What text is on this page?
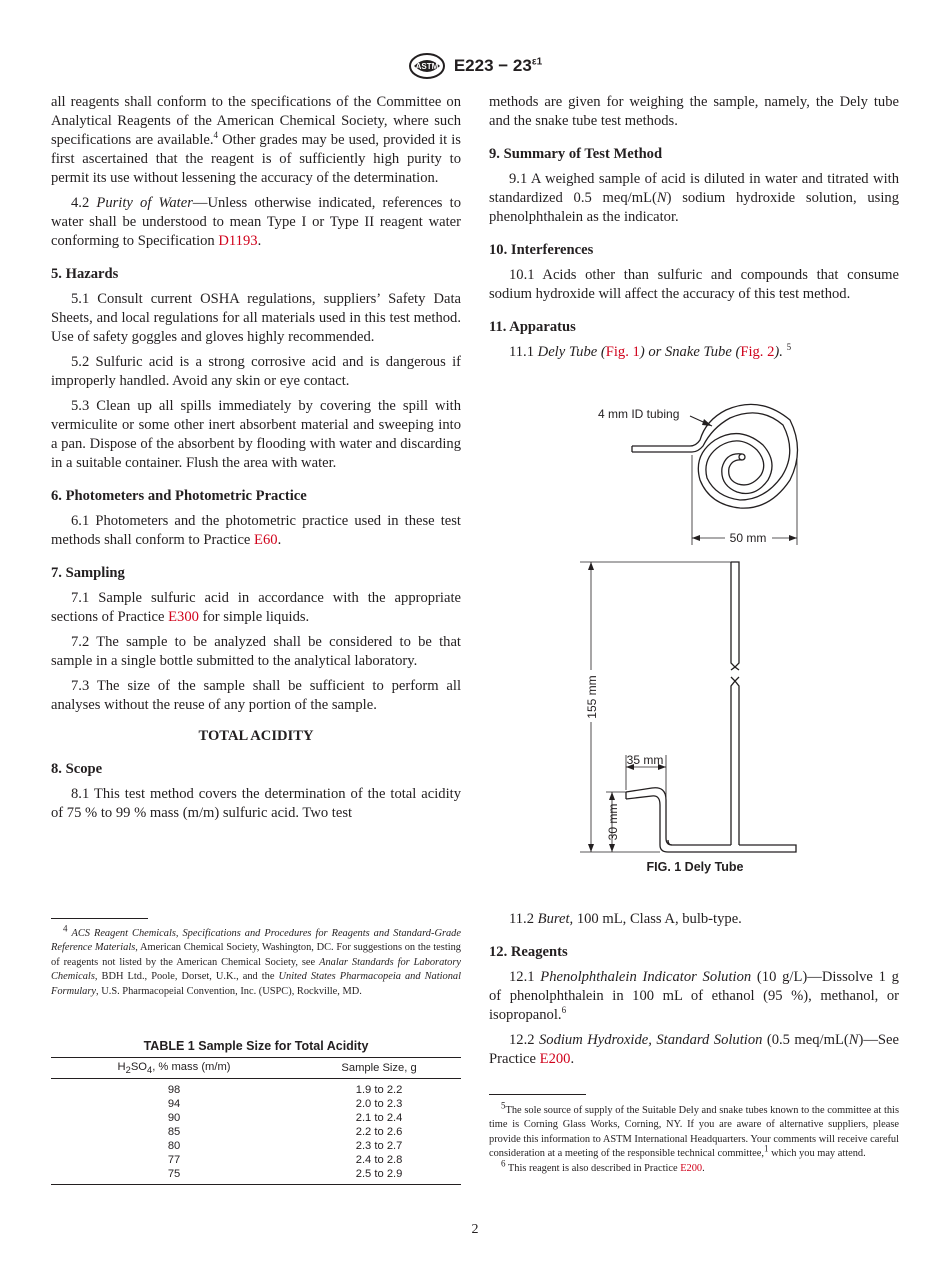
ASTM $E223 - 23^{\varepsilon 1}$

all reagents shall conform to the specifications of the Committee on Analytical Reagents of the American Chemical Society, where such specifications are available.$^4$ Other grades may be used, provided it is first ascertained that the reagent is of sufficiently high purity to permit its use without lessening the accuracy of the determination.

4.2 Purity of Water—Unless otherwise indicated, references to water shall be understood to mean Type I or Type II reagent water conforming to Specification D1193.

5. Hazards

5.1 Consult current OSHA regulations, suppliers’ Safety Data Sheets, and local regulations for all materials used in this test method. Use of safety goggles and gloves highly recommended.

5.2 Sulfuric acid is a strong corrosive acid and is dangerous if improperly handled. Avoid any skin or eye contact.

5.3 Clean up all spills immediately by covering the spill with vermiculite or some other inert absorbent material and sweeping into a pan. Dispose of the absorbent by flooding with water and discarding in a suitable container. Flush the area with water.

6. Photometers and Photometric Practice

6.1 Photometers and the photometric practice used in these test methods shall conform to Practice E60.

7. Sampling

7.1 Sample sulfuric acid in accordance with the appropriate sections of Practice E300 for simple liquids.

7.2 The sample to be analyzed shall be considered to be that sample in a single bottle submitted to the analytical laboratory.

7.3 The size of the sample shall be sufficient to perform all analyses without the reuse of any portion of the sample.

TOTAL ACIDITY
8. Scope

8.1 This test method covers the determination of the total acidity of 75 % to 99 % mass (m/m) sulfuric acid. Two test

$^4$ ACS Reagent Chemicals, Specifications and Procedures for Reagents and Standard-Grade Reference Materials, American Chemical Society, Washington, DC. For suggestions on the testing of reagents not listed by the American Chemical Society, see Analar Standards for Laboratory Chemicals, BDH Ltd., Poole, Dorset, U.K., and the United States Pharmacopeia and National Formulary, U.S. Pharmacopeial Convention, Inc. (USPC), Rockville, MD.

TABLE 1 Sample Size for Total Acidity
$H_2SO_4$, % mass (m/m)	Sample Size, g
98	1.9 to 2.2
94	2.0 to 2.3
90	2.1 to 2.4
85	2.2 to 2.6
80	2.3 to 2.7
77	2.4 to 2.8
75	2.5 to 2.9

methods are given for weighing the sample, namely, the Dely tube and the snake tube test methods.

9. Summary of Test Method

9.1 A weighed sample of acid is diluted in water and titrated with standardized 0.5 meq/mL(N) sodium hydroxide solution, using phenolphthalein as the indicator.

10. Interferences

10.1 Acids other than sulfuric and compounds that consume sodium hydroxide will affect the accuracy of this test method.

11. Apparatus

11.1 Dely Tube (Fig. 1) or Snake Tube (Fig. 2). $^5$

4 mm ID tubing
50 mm
155 mm
35 mm
30 mm
FIG. 1 Dely Tube

11.2 Buret, 100 mL, Class A, bulb-type.

12. Reagents

12.1 Phenolphthalein Indicator Solution (10 g/L)—Dissolve 1 g of phenolphthalein in 100 mL of ethanol (95 %), methanol, or isopropanol.$^6$

12.2 Sodium Hydroxide, Standard Solution (0.5 meq/mL(N)—See Practice E200.

$^5$The sole source of supply of the Suitable Dely and snake tubes known to the committee at this time is Corning Glass Works, Corning, NY. If you are aware of alternative suppliers, please provide this information to ASTM International Headquarters. Your comments will receive careful consideration at a meeting of the responsible technical committee,$^1$ which you may attend.

$^6$ This reagent is also described in Practice E200.

2
